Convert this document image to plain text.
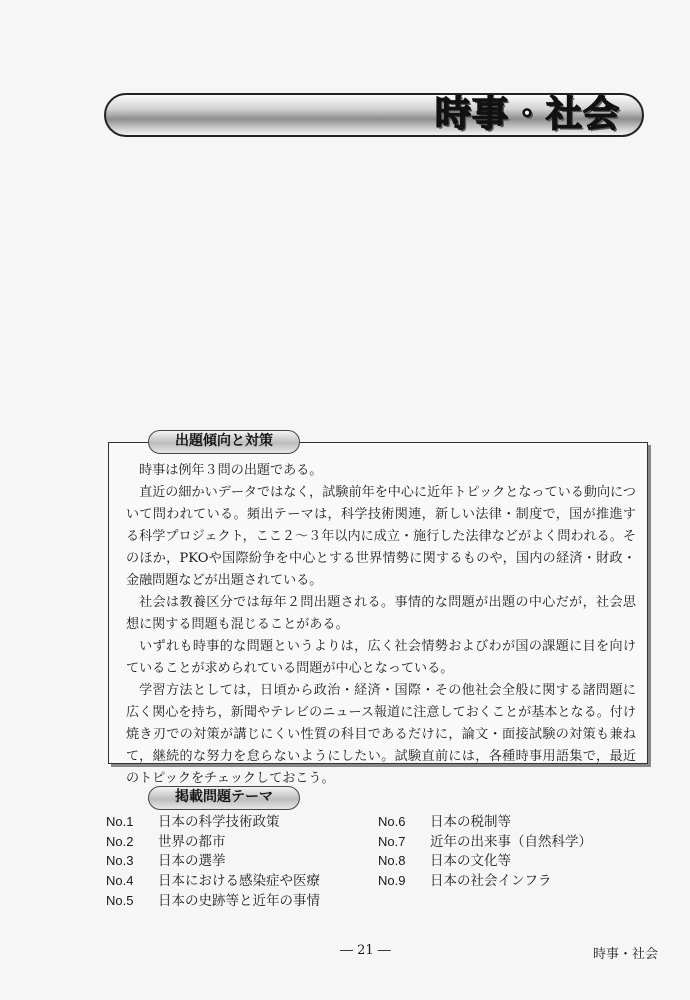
時事・社会
出題傾向と対策

時事は例年３問の出題である。

直近の細かいデータではなく，試験前年を中心に近年トピックとなっている動向について問われている。頻出テーマは，科学技術関連，新しい法律・制度で，国が推進する科学プロジェクト，ここ２～３年以内に成立・施行した法律などがよく問われる。そのほか，PKOや国際紛争を中心とする世界情勢に関するものや，国内の経済・財政・金融問題などが出題されている。

社会は教養区分では毎年２問出題される。事情的な問題が出題の中心だが，社会思想に関する問題も混じることがある。

いずれも時事的な問題というよりは，広く社会情勢およびわが国の課題に目を向けていることが求められている問題が中心となっている。

学習方法としては，日頃から政治・経済・国際・その他社会全般に関する諸問題に広く関心を持ち，新聞やテレビのニュース報道に注意しておくことが基本となる。付け焼き刃での対策が講じにくい性質の科目であるだけに，論文・面接試験の対策も兼ねて，継続的な努力を怠らないようにしたい。試験直前には，各種時事用語集で，最近のトピックをチェックしておこう。

掲載問題テーマ
No.1 日本の科学技術政策
No.2 世界の都市
No.3 日本の選挙
No.4 日本における感染症や医療
No.5 日本の史跡等と近年の事情
No.6 日本の税制等
No.7 近年の出来事（自然科学）
No.8 日本の文化等
No.9 日本の社会インフラ
― 21 ―	時事・社会
